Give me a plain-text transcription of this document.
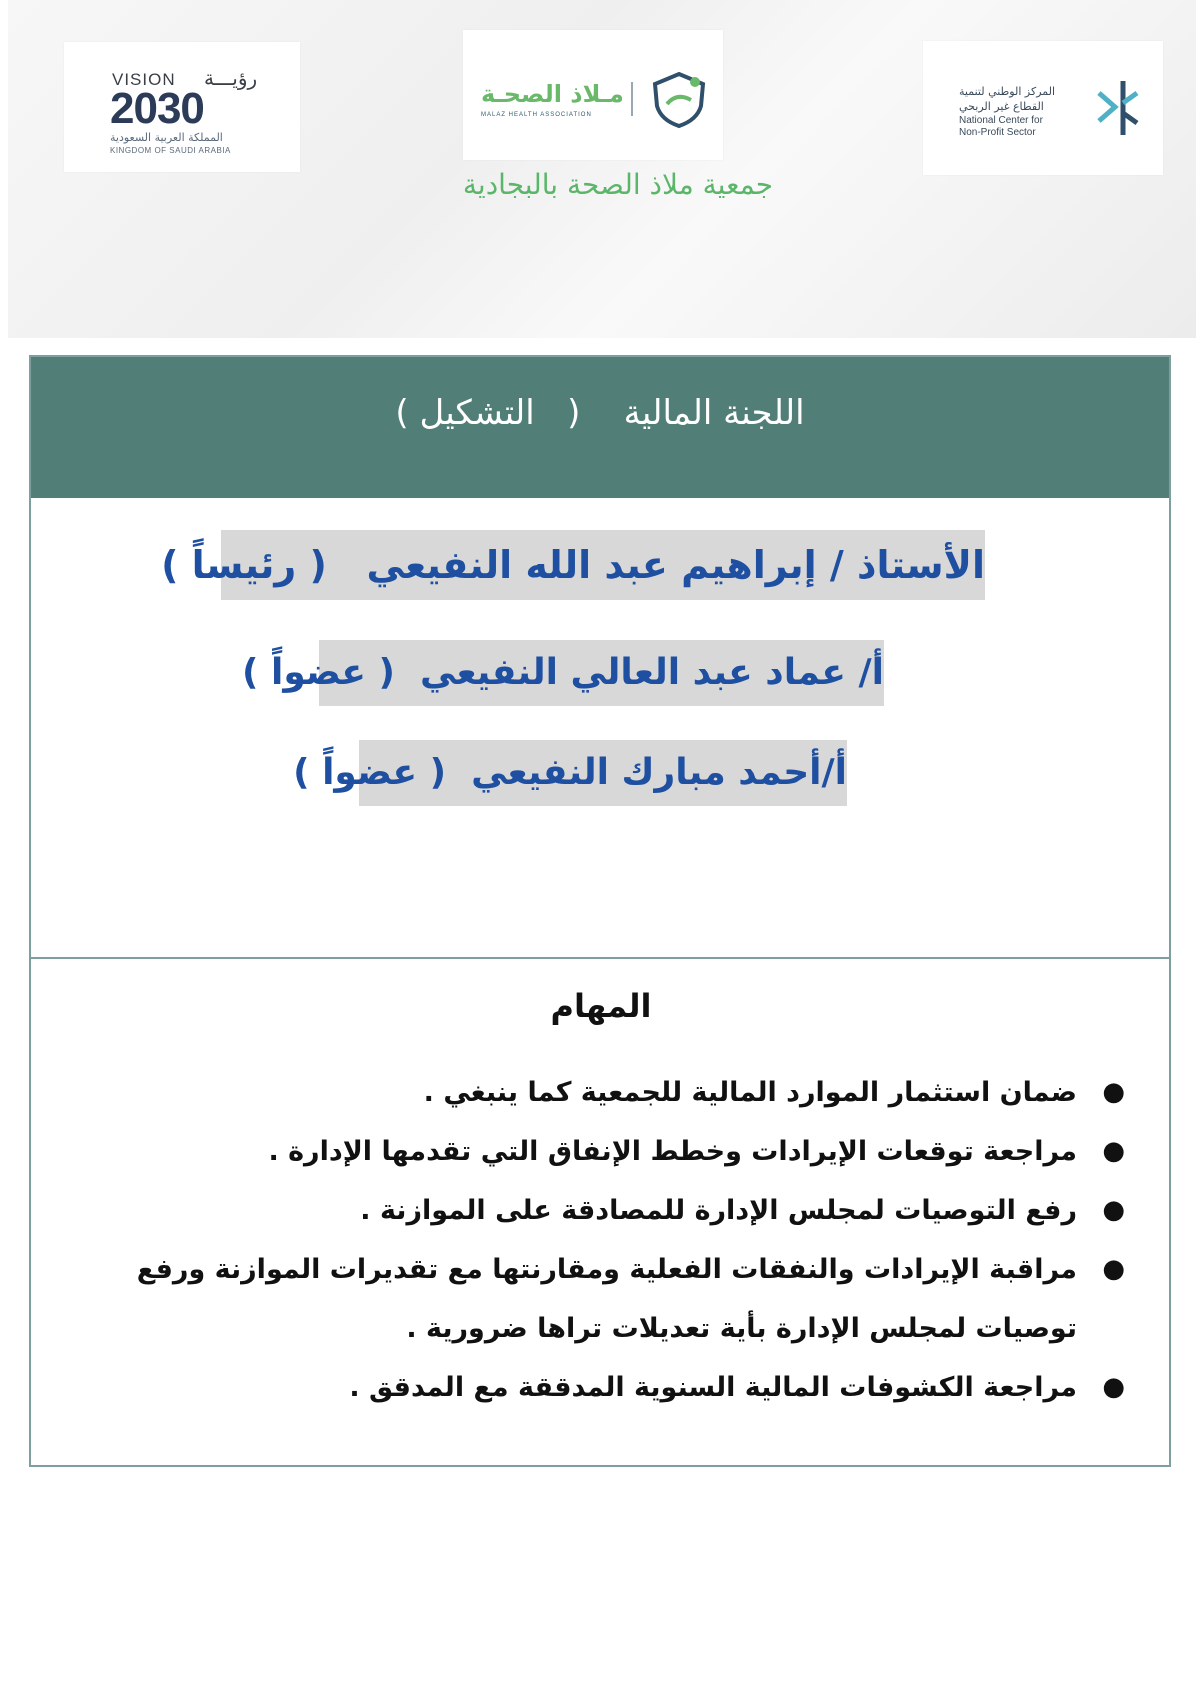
VISION رؤيـــة
2030
المملكة العربية السعودية
KINGDOM OF SAUDI ARABIA
مـلاذ الصحـة
MALAZ HEALTH ASSOCIATION
المركز الوطني لتنمية
القطاع غير الربحي
National Center for
Non-Profit Sector
جمعية ملاذ الصحة بالبجادية
اللجنة المالية    (   التشكيل )
الأستاذ / إبراهيم عبد الله النفيعي   ( رئيساً )
أ/ عماد عبد العالي النفيعي  ( عضواً )
أ/أحمد مبارك النفيعي  ( عضواً )
المهام
●
ضمان استثمار الموارد المالية للجمعية كما ينبغي .
●
مراجعة توقعات الإيرادات وخطط الإنفاق التي تقدمها الإدارة .
●
رفع التوصيات لمجلس الإدارة للمصادقة على الموازنة .
●
مراقبة الإيرادات والنفقات الفعلية ومقارنتها مع تقديرات الموازنة ورفع توصيات لمجلس الإدارة بأية تعديلات تراها ضرورية .
●
مراجعة الكشوفات المالية السنوية المدققة مع المدقق .
